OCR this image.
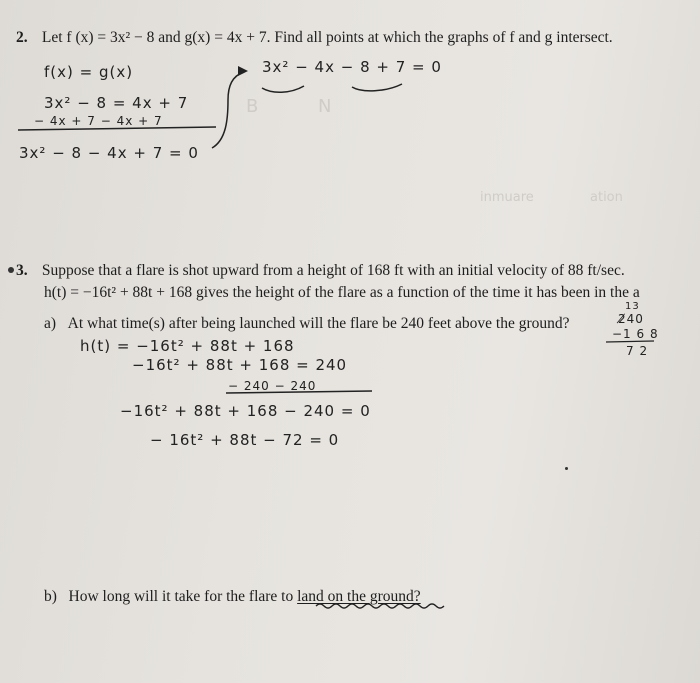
B	N
inmuare	ation
2. Let f (x) = 3x² − 8 and g(x) = 4x + 7. Find all points at which the graphs of f and g intersect.
f(x) = g(x)	3x² − 4x − 8 + 7 = 0
3x² − 8 = 4x + 7
− 4x + 7 − 4x + 7
3x² − 8 − 4x + 7 = 0
3. Suppose that a flare is shot upward from a height of 168 ft with an initial velocity of 88 ft/sec.
h(t) = −16t² + 88t + 168 gives the height of the flare as a function of the time it has been in the a
a) At what time(s) after being launched will the flare be 240 feet above the ground?
h(t) = −16t² + 88t + 168
−16t² + 88t + 168 = 240
− 240 − 240
−16t² + 88t + 168 − 240 = 0
− 16t² + 88t − 72 = 0
13
2̸40
−1 6 8
7 2
b) How long will it take for the flare to land on the ground?
